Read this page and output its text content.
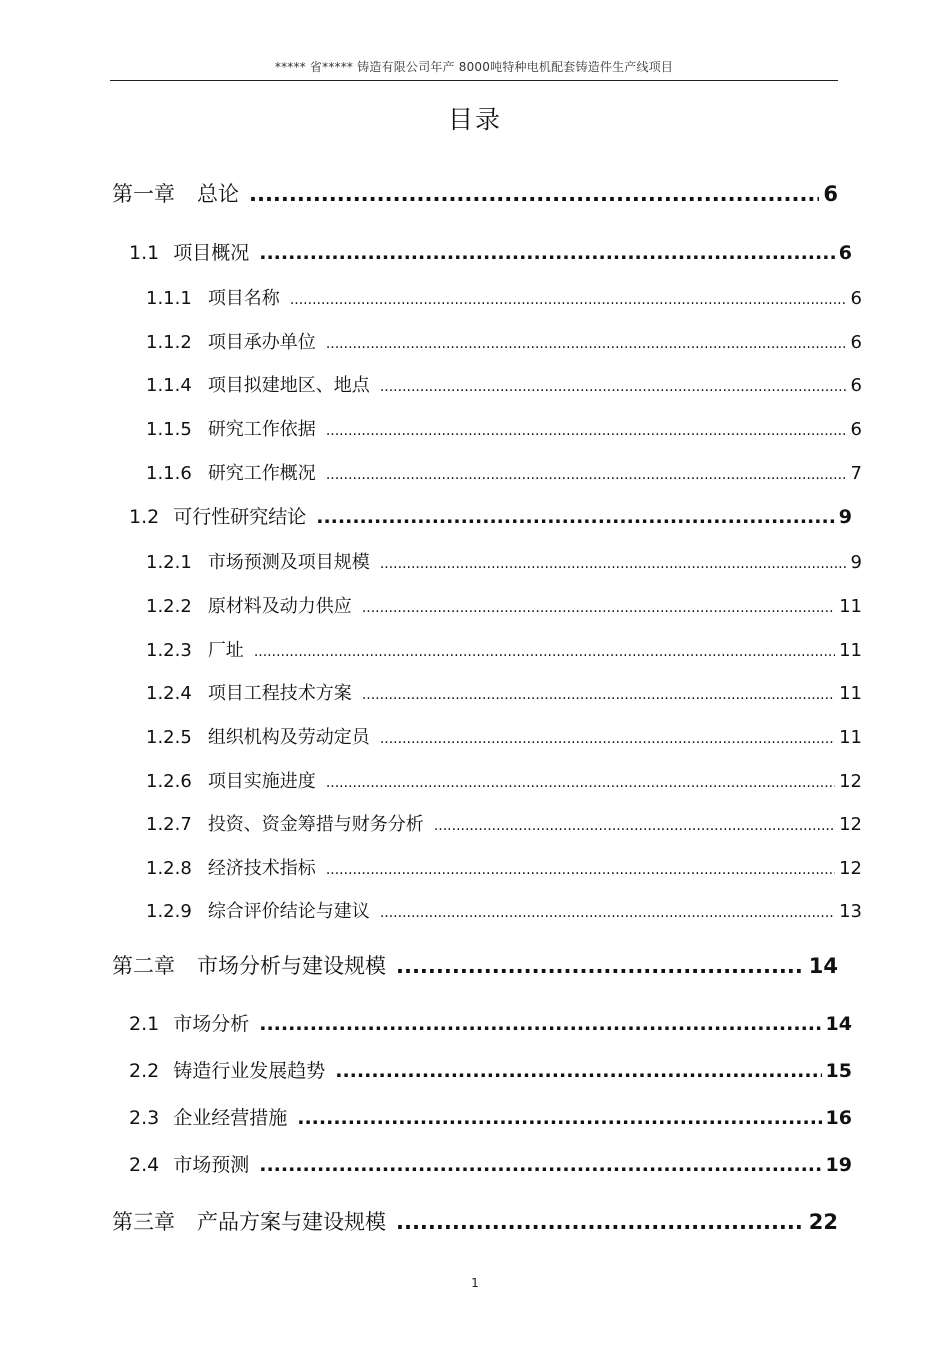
***** 省***** 铸造有限公司年产 8000吨特种电机配套铸造件生产线项目
目录
第一章 总论 .....	6
1.1 项目概况 .....	6
1.1.1 项目名称 .....	6
1.1.2 项目承办单位 .....	6
1.1.4 项目拟建地区、地点 .....	6
1.1.5 研究工作依据 .....	6
1.1.6 研究工作概况 .....	7
1.2 可行性研究结论 .....	9
1.2.1 市场预测及项目规模 .....	9
1.2.2 原材料及动力供应 .....	11
1.2.3 厂址 .....	11
1.2.4 项目工程技术方案 .....	11
1.2.5 组织机构及劳动定员 .....	11
1.2.6 项目实施进度 .....	12
1.2.7 投资、资金筹措与财务分析 .....	12
1.2.8 经济技术指标 .....	12
1.2.9 综合评价结论与建议 .....	13
第二章 市场分析与建设规模 .....	14
2.1 市场分析 .....	14
2.2 铸造行业发展趋势 .....	15
2.3 企业经营措施 .....	16
2.4 市场预测 .....	19
第三章 产品方案与建设规模 .....	22
1
